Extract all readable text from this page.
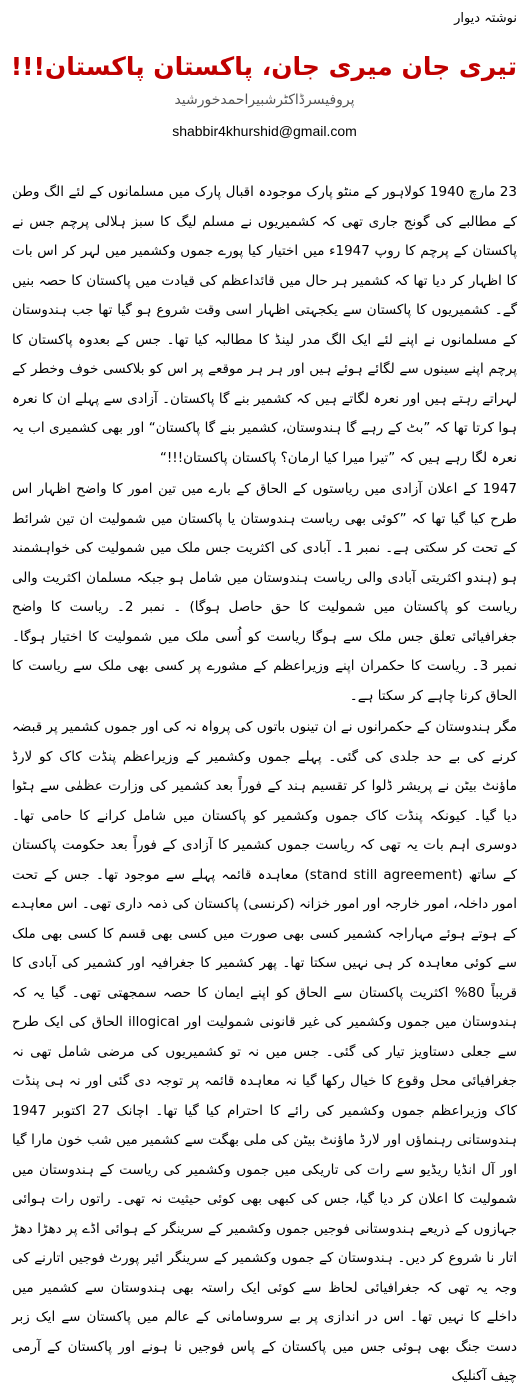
نوشتہ دیوار
تیری جان میری جان، پاکستان پاکستان!!!
پروفیسرڈاکٹرشبیراحمدخورشید
shabbir4khurshid@gmail.com

23 مارچ 1940 کولاہور کے منٹو پارک موجودہ اقبال پارک میں مسلمانوں کے لئے الگ وطن کے مطالبے کی گونج جاری تھی کہ کشمیریوں نے مسلم لیگ کا سبز ہلالی پرچم جس نے پاکستان کے پرچم کا روپ 1947ء میں اختیار کیا پورے جموں وکشمیر میں لہر کر اس بات کا اظہار کر دیا تھا کہ کشمیر ہر حال میں قائداعظم کی قیادت میں پاکستان کا حصہ بنیں گے۔ کشمیریوں کا پاکستان سے یکجہتی اظہار اسی وقت شروع ہو گیا تھا جب ہندوستان کے مسلمانوں نے اپنے لئے ایک الگ مدر لینڈ کا مطالبہ کیا تھا۔ جس کے بعدوہ پاکستان کا پرچم اپنے سینوں سے لگائے ہوئے ہیں اور ہر ہر موقعے پر اس کو بلاکسی خوف وخطر کے لہراتے رہتے ہیں اور نعرہ لگاتے ہیں کہ کشمیر بنے گا پاکستان۔ آزادی سے پہلے ان کا نعرہ ہوا کرتا تھا کہ ”بٹ کے رہے گا ہندوستان، کشمیر بنے گا پاکستان“ اور بھی کشمیری اب یہ نعرہ لگا رہے ہیں کہ ”تیرا میرا کیا ارمان؟ پاکستان پاکستان!!!“

1947 کے اعلان آزادی میں ریاستوں کے الحاق کے بارے میں تین امور کا واضح اظہار اس طرح کیا گیا تھا کہ ”کوئی بھی ریاست ہندوستان یا پاکستان میں شمولیت ان تین شرائط کے تحت کر سکتی ہے۔ نمبر 1۔ آبادی کی اکثریت جس ملک میں شمولیت کی خواہشمند ہو (ہندو اکثریتی آبادی والی ریاست ہندوستان میں شامل ہو جبکہ مسلمان اکثریت والی ریاست کو پاکستان میں شمولیت کا حق حاصل ہوگا) ۔ نمبر 2۔ ریاست کا واضح جغرافیائی تعلق جس ملک سے ہوگا ریاست کو اُسی ملک میں شمولیت کا اختیار ہوگا۔ نمبر 3۔ ریاست کا حکمران اپنے وزیراعظم کے مشورے پر کسی بھی ملک سے ریاست کا الحاق کرنا چاہے کر سکتا ہے۔

مگر ہندوستان کے حکمرانوں نے ان تینوں باتوں کی پرواہ نہ کی اور جموں کشمیر پر قبضہ کرنے کی بے حد جلدی کی گئی۔ پہلے جموں وکشمیر کے وزیراعظم پنڈت کاک کو لارڈ ماؤنٹ بیٹن نے پریشر ڈلوا کر تقسیم ہند کے فوراً بعد کشمیر کی وزارت عظمٰی سے ہٹوا دیا گیا۔ کیونکہ پنڈت کاک جموں وکشمیر کو پاکستان میں شامل کرانے کا حامی تھا۔ دوسری اہم بات یہ تھی کہ ریاست جموں کشمیر کا آزادی کے فوراً بعد حکومت پاکستان کے ساتھ (stand still agreement) معاہدہ قائمہ پہلے سے موجود تھا۔ جس کے تحت امور داخلہ، امور خارجہ اور امور خزانہ (کرنسی) پاکستان کی ذمہ داری تھی۔ اس معاہدے کے ہوتے ہوئے مہاراجہ کشمیر کسی بھی صورت میں کسی بھی قسم کا کسی بھی ملک سے کوئی معاہدہ کر ہی نہیں سکتا تھا۔ پھر کشمیر کا جغرافیہ اور کشمیر کی آبادی کا قریباً 80% اکثریت پاکستان سے الحاق کو اپنے ایمان کا حصہ سمجھتی تھی۔ گیا یہ کہ ہندوستان میں جموں وکشمیر کی غیر قانونی شمولیت اور illogical الحاق کی ایک طرح سے جعلی دستاویز تیار کی گئی۔ جس میں نہ تو کشمیریوں کی مرضی شامل تھی نہ جغرافیائی محل وقوع کا خیال رکھا گیا نہ معاہدہ قائمہ پر توجہ دی گئی اور نہ ہی پنڈت کاک وزیراعظم جموں وکشمیر کی رائے کا احترام کیا گیا تھا۔ اچانک 27 اکتوبر 1947 ہندوستانی رہنماؤں اور لارڈ ماؤنٹ بیٹن کی ملی بھگت سے کشمیر میں شب خون مارا گیا اور آل انڈیا ریڈیو سے رات کی تاریکی میں جموں وکشمیر کی ریاست کے ہندوستان میں شمولیت کا اعلان کر دیا گیا، جس کی کبھی بھی کوئی حیثیت نہ تھی۔ راتوں رات ہوائی جہازوں کے ذریعے ہندوستانی فوجیں جموں وکشمیر کے سرینگر کے ہوائی اڈے پر دھڑا دھڑ اتار نا شروع کر دیں۔ ہندوستان کے جموں وکشمیر کے سرینگر ائیر پورٹ فوجیں اتارنے کی وجہ یہ تھی کہ جغرافیائی لحاظ سے کوئی ایک راستہ بھی ہندوستان سے کشمیر میں داخلے کا نہیں تھا۔ اس در اندازی پر بے سروسامانی کے عالم میں پاکستان سے ایک زبر دست جنگ بھی ہوئی جس میں پاکستان کے پاس فوجیں نا ہونے اور پاکستان کے آرمی چیف آکنلیک
